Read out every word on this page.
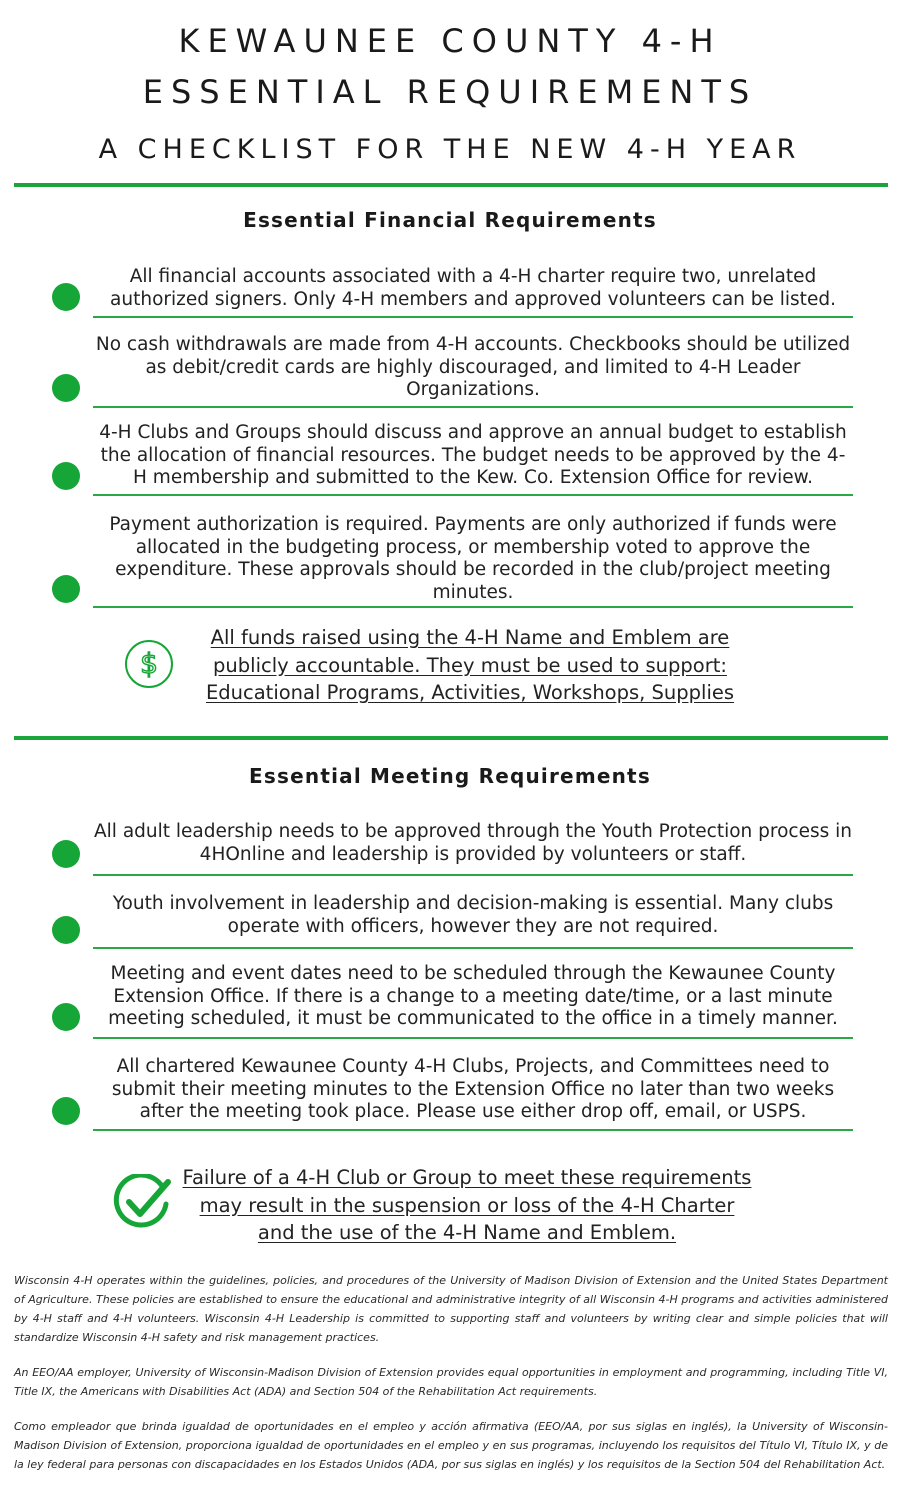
KEWAUNEE COUNTY 4-H
ESSENTIAL REQUIREMENTS
A CHECKLIST FOR THE NEW 4-H YEAR
Essential Financial Requirements

All financial accounts associated with a 4-H charter require two, unrelated authorized signers. Only 4-H members and approved volunteers can be listed.

No cash withdrawals are made from 4-H accounts. Checkbooks should be utilized as debit/credit cards are highly discouraged, and limited to 4-H Leader Organizations.

4-H Clubs and Groups should discuss and approve an annual budget to establish the allocation of financial resources. The budget needs to be approved by the 4-H membership and submitted to the Kew. Co. Extension Office for review.

Payment authorization is required. Payments are only authorized if funds were allocated in the budgeting process, or membership voted to approve the expenditure. These approvals should be recorded in the club/project meeting minutes.

$

All funds raised using the 4-H Name and Emblem are
publicly accountable. They must be used to support:
Educational Programs, Activities, Workshops, Supplies

Essential Meeting Requirements

All adult leadership needs to be approved through the Youth Protection process in 4HOnline and leadership is provided by volunteers or staff.

Youth involvement in leadership and decision-making is essential. Many clubs operate with officers, however they are not required.

Meeting and event dates need to be scheduled through the Kewaunee County Extension Office. If there is a change to a meeting date/time, or a last minute meeting scheduled, it must be communicated to the office in a timely manner.

All chartered Kewaunee County 4-H Clubs, Projects, and Committees need to submit their meeting minutes to the Extension Office no later than two weeks after the meeting took place. Please use either drop off, email, or USPS.

Failure of a 4-H Club or Group to meet these requirements
may result in the suspension or loss of the 4-H Charter
and the use of the 4-H Name and Emblem.

Wisconsin 4-H operates within the guidelines, policies, and procedures of the University of Madison Division of Extension and the United States Department of Agriculture. These policies are established to ensure the educational and administrative integrity of all Wisconsin 4-H programs and activities administered by 4-H staff and 4-H volunteers. Wisconsin 4-H Leadership is committed to supporting staff and volunteers by writing clear and simple policies that will standardize Wisconsin 4-H safety and risk management practices.

An EEO/AA employer, University of Wisconsin-Madison Division of Extension provides equal opportunities in employment and programming, including Title VI, Title IX, the Americans with Disabilities Act (ADA) and Section 504 of the Rehabilitation Act requirements.

Como empleador que brinda igualdad de oportunidades en el empleo y acción afirmativa (EEO/AA, por sus siglas en inglés), la University of Wisconsin-Madison Division of Extension, proporciona igualdad de oportunidades en el empleo y en sus programas, incluyendo los requisitos del Título VI, Título IX, y de la ley federal para personas con discapacidades en los Estados Unidos (ADA, por sus siglas en inglés) y los requisitos de la Section 504 del Rehabilitation Act.
